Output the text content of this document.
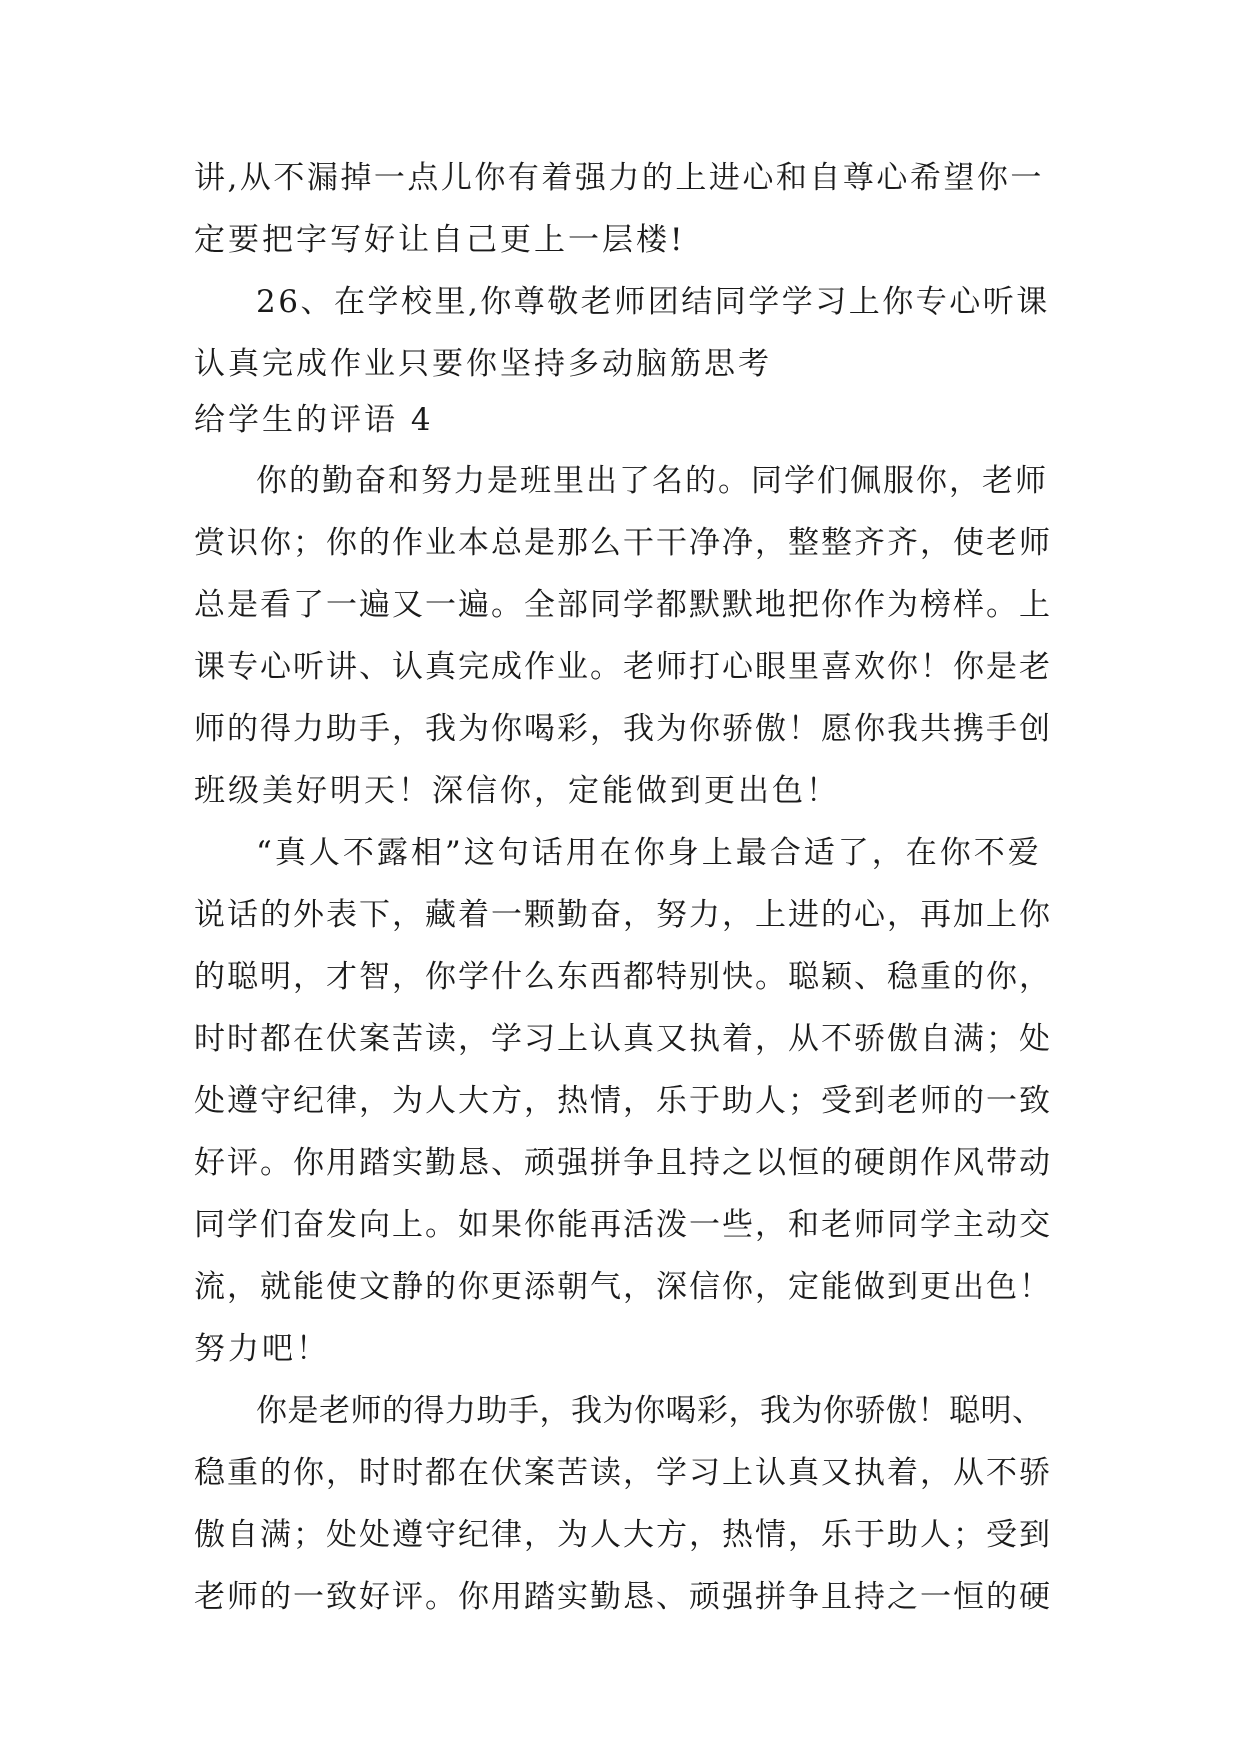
讲,从不漏掉一点儿你有着强力的上进心和自尊心希望你一
定要把字写好让自己更上一层楼!
26、在学校里,你尊敬老师团结同学学习上你专心听课
认真完成作业只要你坚持多动脑筋思考
给学生的评语 4
你的勤奋和努力是班里出了名的。同学们佩服你，老师
赏识你；你的作业本总是那么干干净净，整整齐齐，使老师
总是看了一遍又一遍。全部同学都默默地把你作为榜样。上
课专心听讲、认真完成作业。老师打心眼里喜欢你！你是老
师的得力助手，我为你喝彩，我为你骄傲！愿你我共携手创
班级美好明天！深信你，定能做到更出色！
“真人不露相”这句话用在你身上最合适了，在你不爱
说话的外表下，藏着一颗勤奋，努力，上进的心，再加上你
的聪明，才智，你学什么东西都特别快。聪颖、稳重的你，
时时都在伏案苦读，学习上认真又执着，从不骄傲自满；处
处遵守纪律，为人大方，热情，乐于助人；受到老师的一致
好评。你用踏实勤恳、顽强拼争且持之以恒的硬朗作风带动
同学们奋发向上。如果你能再活泼一些，和老师同学主动交
流，就能使文静的你更添朝气，深信你，定能做到更出色！
努力吧！
你是老师的得力助手，我为你喝彩，我为你骄傲！聪明、
稳重的你，时时都在伏案苦读，学习上认真又执着，从不骄
傲自满；处处遵守纪律，为人大方，热情，乐于助人；受到
老师的一致好评。你用踏实勤恳、顽强拼争且持之一恒的硬
